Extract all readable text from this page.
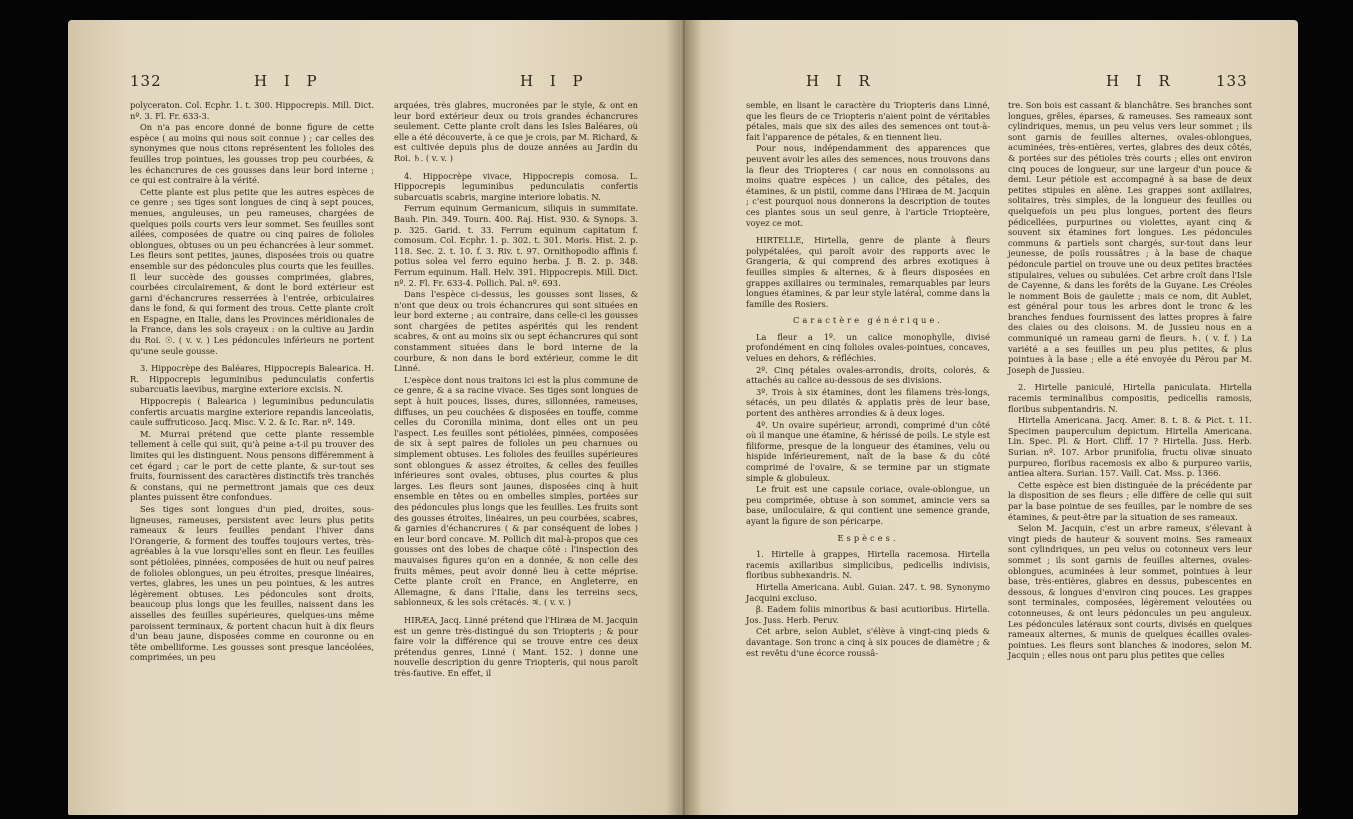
132	H I P	H I P

polyceraton. Col. Ecphr. 1. t. 300. Hippocrepis. Mill. Dict. nº. 3. Fl. Fr. 633-3.

On n'a pas encore donné de bonne figure de cette espèce ( au moins qui nous soit connue ) ; car celles des synonymes que nous citons représentent les folioles des feuilles trop pointues, les gousses trop peu courbées, & les échancrures de ces gousses dans leur bord interne ; ce qui est contraire à la vérité.

Cette plante est plus petite que les autres espèces de ce genre ; ses tiges sont longues de cinq à sept pouces, menues, anguleuses, un peu rameuses, chargées de quelques poils courts vers leur sommet. Ses feuilles sont ailées, composées de quatre ou cinq paires de folioles oblongues, obtuses ou un peu échancrées à leur sommet. Les fleurs sont petites, jaunes, disposées trois ou quatre ensemble sur des pédoncules plus courts que les feuilles. Il leur succède des gousses comprimées, glabres, courbées circulairement, & dont le bord extérieur est garni d'échancrures resserrées à l'entrée, orbiculaires dans le fond, & qui forment des trous. Cette plante croît en Espagne, en Italie, dans les Provinces méridionales de la France, dans les sols crayeux : on la cultive au Jardin du Roi. ☉. ( v. v. ) Les pédoncules inférieurs ne portent qu'une seule gousse.

3. Hippocrèpe des Baléares, Hippocrepis Balearica. H. R. Hippocrepis leguminibus pedunculatis confertis subarcuatis laevibus, margine exteriore excisis. N.

Hippocrepis ( Balearica ) leguminibus pedunculatis confertis arcuatis margine exteriore repandis lanceolatis, caule suffruticoso. Jacq. Misc. V. 2. & Ic. Rar. nº. 149.

M. Murrai prétend que cette plante ressemble tellement à celle qui suit, qu'à peine a-t-il pu trouver des limites qui les distinguent. Nous pensons différemment à cet égard ; car le port de cette plante, & sur-tout ses fruits, fournissent des caractères distinctifs très tranchés & constans, qui ne permettront jamais que ces deux plantes puissent être confondues.

Ses tiges sont longues d'un pied, droites, sous-ligneuses, rameuses, persistent avec leurs plus petits rameaux & leurs feuilles pendant l'hiver dans l'Orangerie, & forment des touffes toujours vertes, très-agréables à la vue lorsqu'elles sont en fleur. Les feuilles sont pétiolées, pinnées, composées de huit ou neuf paires de folioles oblongues, un peu étroites, presque linéaires, vertes, glabres, les unes un peu pointues, & les autres légèrement obtuses. Les pédoncules sont droits, beaucoup plus longs que les feuilles, naissent dans les aisselles des feuilles supérieures, quelques-uns même paroissent terminaux, & portent chacun huit à dix fleurs d'un beau jaune, disposées comme en couronne ou en tête ombelliforme. Les gousses sont presque lancéolées, comprimées, un peu

arquées, très glabres, mucronées par le style, & ont en leur bord extérieur deux ou trois grandes échancrures seulement. Cette plante croît dans les Isles Baléares, où elle a été découverte, à ce que je crois, par M. Richard, & est cultivée depuis plus de douze années au Jardin du Roi. ♄. ( v. v. )

4. Hippocrèpe vivace, Hippocrepis comosa. L. Hippocrepis leguminibus pedunculatis confertis subarcuatis scabris, margine interiore lobatis. N.

Ferrum equinum Germanicum, siliquis in summitate. Bauh. Pin. 349. Tourn. 400. Raj. Hist. 930. & Synops. 3. p. 325. Garid. t. 33. Ferrum equinum capitatum f. comosum. Col. Ecphr. 1. p. 302. t. 301. Moris. Hist. 2. p. 118. Sec. 2. t. 10. f. 3. Riv. t. 97. Ornithopodio affinis f. potius solea vel ferro equino herba. J. B. 2. p. 348. Ferrum equinum. Hall. Helv. 391. Hippocrepis. Mill. Dict. nº. 2. Fl. Fr. 633-4. Pollich. Pal. nº. 693.

Dans l'espèce ci-dessus, les gousses sont lisses, & n'ont que deux ou trois échancrures qui sont situées en leur bord externe ; au contraire, dans celle-ci les gousses sont chargées de petites aspérités qui les rendent scabres, & ont au moins six ou sept échancrures qui sont constamment situées dans le bord interne de la courbure, & non dans le bord extérieur, comme le dit Linné.

L'espèce dont nous traitons ici est la plus commune de ce genre, & a sa racine vivace. Ses tiges sont longues de sept à huit pouces, lisses, dures, sillonnées, rameuses, diffuses, un peu couchées & disposées en touffe, comme celles du Coronilla minima, dont elles ont un peu l'aspect. Les feuilles sont pétiolées, pinnées, composées de six à sept paires de folioles un peu charnues ou simplement obtuses. Les folioles des feuilles supérieures sont oblongues & assez étroites, & celles des feuilles inférieures sont ovales, obtuses, plus courtes & plus larges. Les fleurs sont jaunes, disposées cinq à huit ensemble en têtes ou en ombelles simples, portées sur des pédoncules plus longs que les feuilles. Les fruits sont des gousses étroites, linéaires, un peu courbées, scabres, & garnies d'échancrures ( & par conséquent de lobes ) en leur bord concave. M. Pollich dit mal-à-propos que ces gousses ont des lobes de chaque côté : l'inspection des mauvaises figures qu'on en a donnée, & non celle des fruits mêmes, peut avoir donné lieu à cette méprise. Cette plante croît en France, en Angleterre, en Allemagne, & dans l'Italie, dans les terreins secs, sablonneux, & les sols crétacés. ♃. ( v. v. )

HIRÆA, Jacq. Linné prétend que l'Hiræa de M. Jacquin est un genre très-distingué du son Triopteris ; & pour faire voir la différence qui se trouve entre ces deux prétendus genres, Linné ( Mant. 152. ) donne une nouvelle description du genre Triopteris, qui nous paroît très-fautive. En effet, il

H I R	H I R	133

semble, en lisant le caractère du Triopteris dans Linné, que les fleurs de ce Triopteris n'aient point de véritables pétales, mais que six des ailes des semences ont tout-à-fait l'apparence de pétales, & en tiennent lieu.

Pour nous, indépendamment des apparences que peuvent avoir les ailes des semences, nous trouvons dans la fleur des Triopteres ( car nous en connoissons au moins quatre espèces ) un calice, des pétales, des étamines, & un pistil, comme dans l'Hiræa de M. Jacquin ; c'est pourquoi nous donnerons la description de toutes ces plantes sous un seul genre, à l'article Triopteère, voyez ce mot.

HIRTELLE, Hirtella, genre de plante à fleurs polypétalées, qui paroît avoir des rapports avec le Grangeria, & qui comprend des arbres exotiques à feuilles simples & alternes, & à fleurs disposées en grappes axillaires ou terminales, remarquables par leurs longues étamines, & par leur style latéral, comme dans la famille des Rosiers.

Caractère générique.

La fleur a 1º. un calice monophylle, divisé profondément en cinq folioles ovales-pointues, concaves, velues en dehors, & réfléchies.

2º. Cinq pétales ovales-arrondis, droits, colorés, & attachés au calice au-dessous de ses divisions.

3º. Trois à six étamines, dont les filamens très-longs, sétacés, un peu dilatés & applatis près de leur base, portent des anthères arrondies & à deux loges.

4º. Un ovaire supérieur, arrondi, comprimé d'un côté où il manque une étamine, & hérissé de poils. Le style est filiforme, presque de la longueur des étamines, velu ou hispide inférieurement, naît de la base & du côté comprimé de l'ovaire, & se termine par un stigmate simple & globuleux.

Le fruit est une capsule coriace, ovale-oblongue, un peu comprimée, obtuse à son sommet, amincie vers sa base, uniloculaire, & qui contient une semence grande, ayant la figure de son péricarpe.

Espèces.

1. Hirtelle à grappes, Hirtella racemosa. Hirtella racemis axillaribus simplicibus, pedicellis indivisis, floribus subhexandris. N.

Hirtella Americana. Aubl. Guian. 247. t. 98. Synonymo Jacquini exclusо.

β. Eadem foliis minoribus & basi acutioribus. Hirtella. Jos. Juss. Herb. Peruv.

Cet arbre, selon Aublet, s'élève à vingt-cinq pieds & davantage. Son tronc a cinq à six pouces de diamètre ; & est revêtu d'une écorce roussâ-

tre. Son bois est cassant & blanchâtre. Ses branches sont longues, grêles, éparses, & rameuses. Ses rameaux sont cylindriques, menus, un peu velus vers leur sommet ; ils sont garnis de feuilles alternes, ovales-oblongues, acuminées, très-entières, vertes, glabres des deux côtés, & portées sur des pétioles très courts ; elles ont environ cinq pouces de longueur, sur une largeur d'un pouce & demi. Leur pétiole est accompagné à sa base de deux petites stipules en alène. Les grappes sont axillaires, solitaires, très simples, de la longueur des feuilles ou quelquefois un peu plus longues, portent des fleurs pédicellées, purpurines ou violettes, ayant cinq & souvent six étamines fort longues. Les pédoncules communs & partiels sont chargés, sur-tout dans leur jeunesse, de poils roussâtres ; à la base de chaque pédoncule partiel on trouve une ou deux petites bractées stipulaires, velues ou subulées. Cet arbre croît dans l'Isle de Cayenne, & dans les forêts de la Guyane. Les Créoles le nomment Bois de gaulette ; mais ce nom, dit Aublet, est général pour tous les arbres dont le tronc & les branches fendues fournissent des lattes propres à faire des claies ou des cloisons. M. de Jussieu nous en a communiqué un rameau garni de fleurs. ♄. ( v. f. ) La variété a a ses feuilles un peu plus petites, & plus pointues à la base ; elle a été envoyée du Pérou par M. Joseph de Jussieu.

2. Hirtelle paniculé, Hirtella paniculata. Hirtella racemis terminalibus compositis, pedicellis ramosis, floribus subpentandris. N.

Hirtella Americana. Jacq. Amer. 8. t. 8. & Pict. t. 11. Specimen pauperculum depictum. Hirtella Americana. Lin. Spec. Pl. & Hort. Cliff. 17 ? Hirtella. Juss. Herb. Surian. nº. 107. Arbor prunifolia, fructu olivæ sinuato purpureo, floribus racemosis ex albo & purpureo variis, antiea altera. Surian. 157. Vaill. Cat. Mss. p. 1366.

Cette espèce est bien distinguée de la précédente par la disposition de ses fleurs ; elle diffère de celle qui suit par la base pointue de ses feuilles, par le nombre de ses étamines, & peut-être par la situation de ses rameaux.

Selon M. Jacquin, c'est un arbre rameux, s'élevant à vingt pieds de hauteur & souvent moins. Ses rameaux sont cylindriques, un peu velus ou cotonneux vers leur sommet ; ils sont garnis de feuilles alternes, ovales-oblongues, acuminées à leur sommet, pointues à leur base, très-entières, glabres en dessus, pubescentes en dessous, & longues d'environ cinq pouces. Les grappes sont terminales, composées, légèrement veloutées ou cotonneuses, & ont leurs pédoncules un peu anguleux. Les pédoncules latéraux sont courts, divisés en quelques rameaux alternes, & munis de quelques écailles ovales-pointues. Les fleurs sont blanches & inodores, selon M. Jacquin ; elles nous ont paru plus petites que celles
